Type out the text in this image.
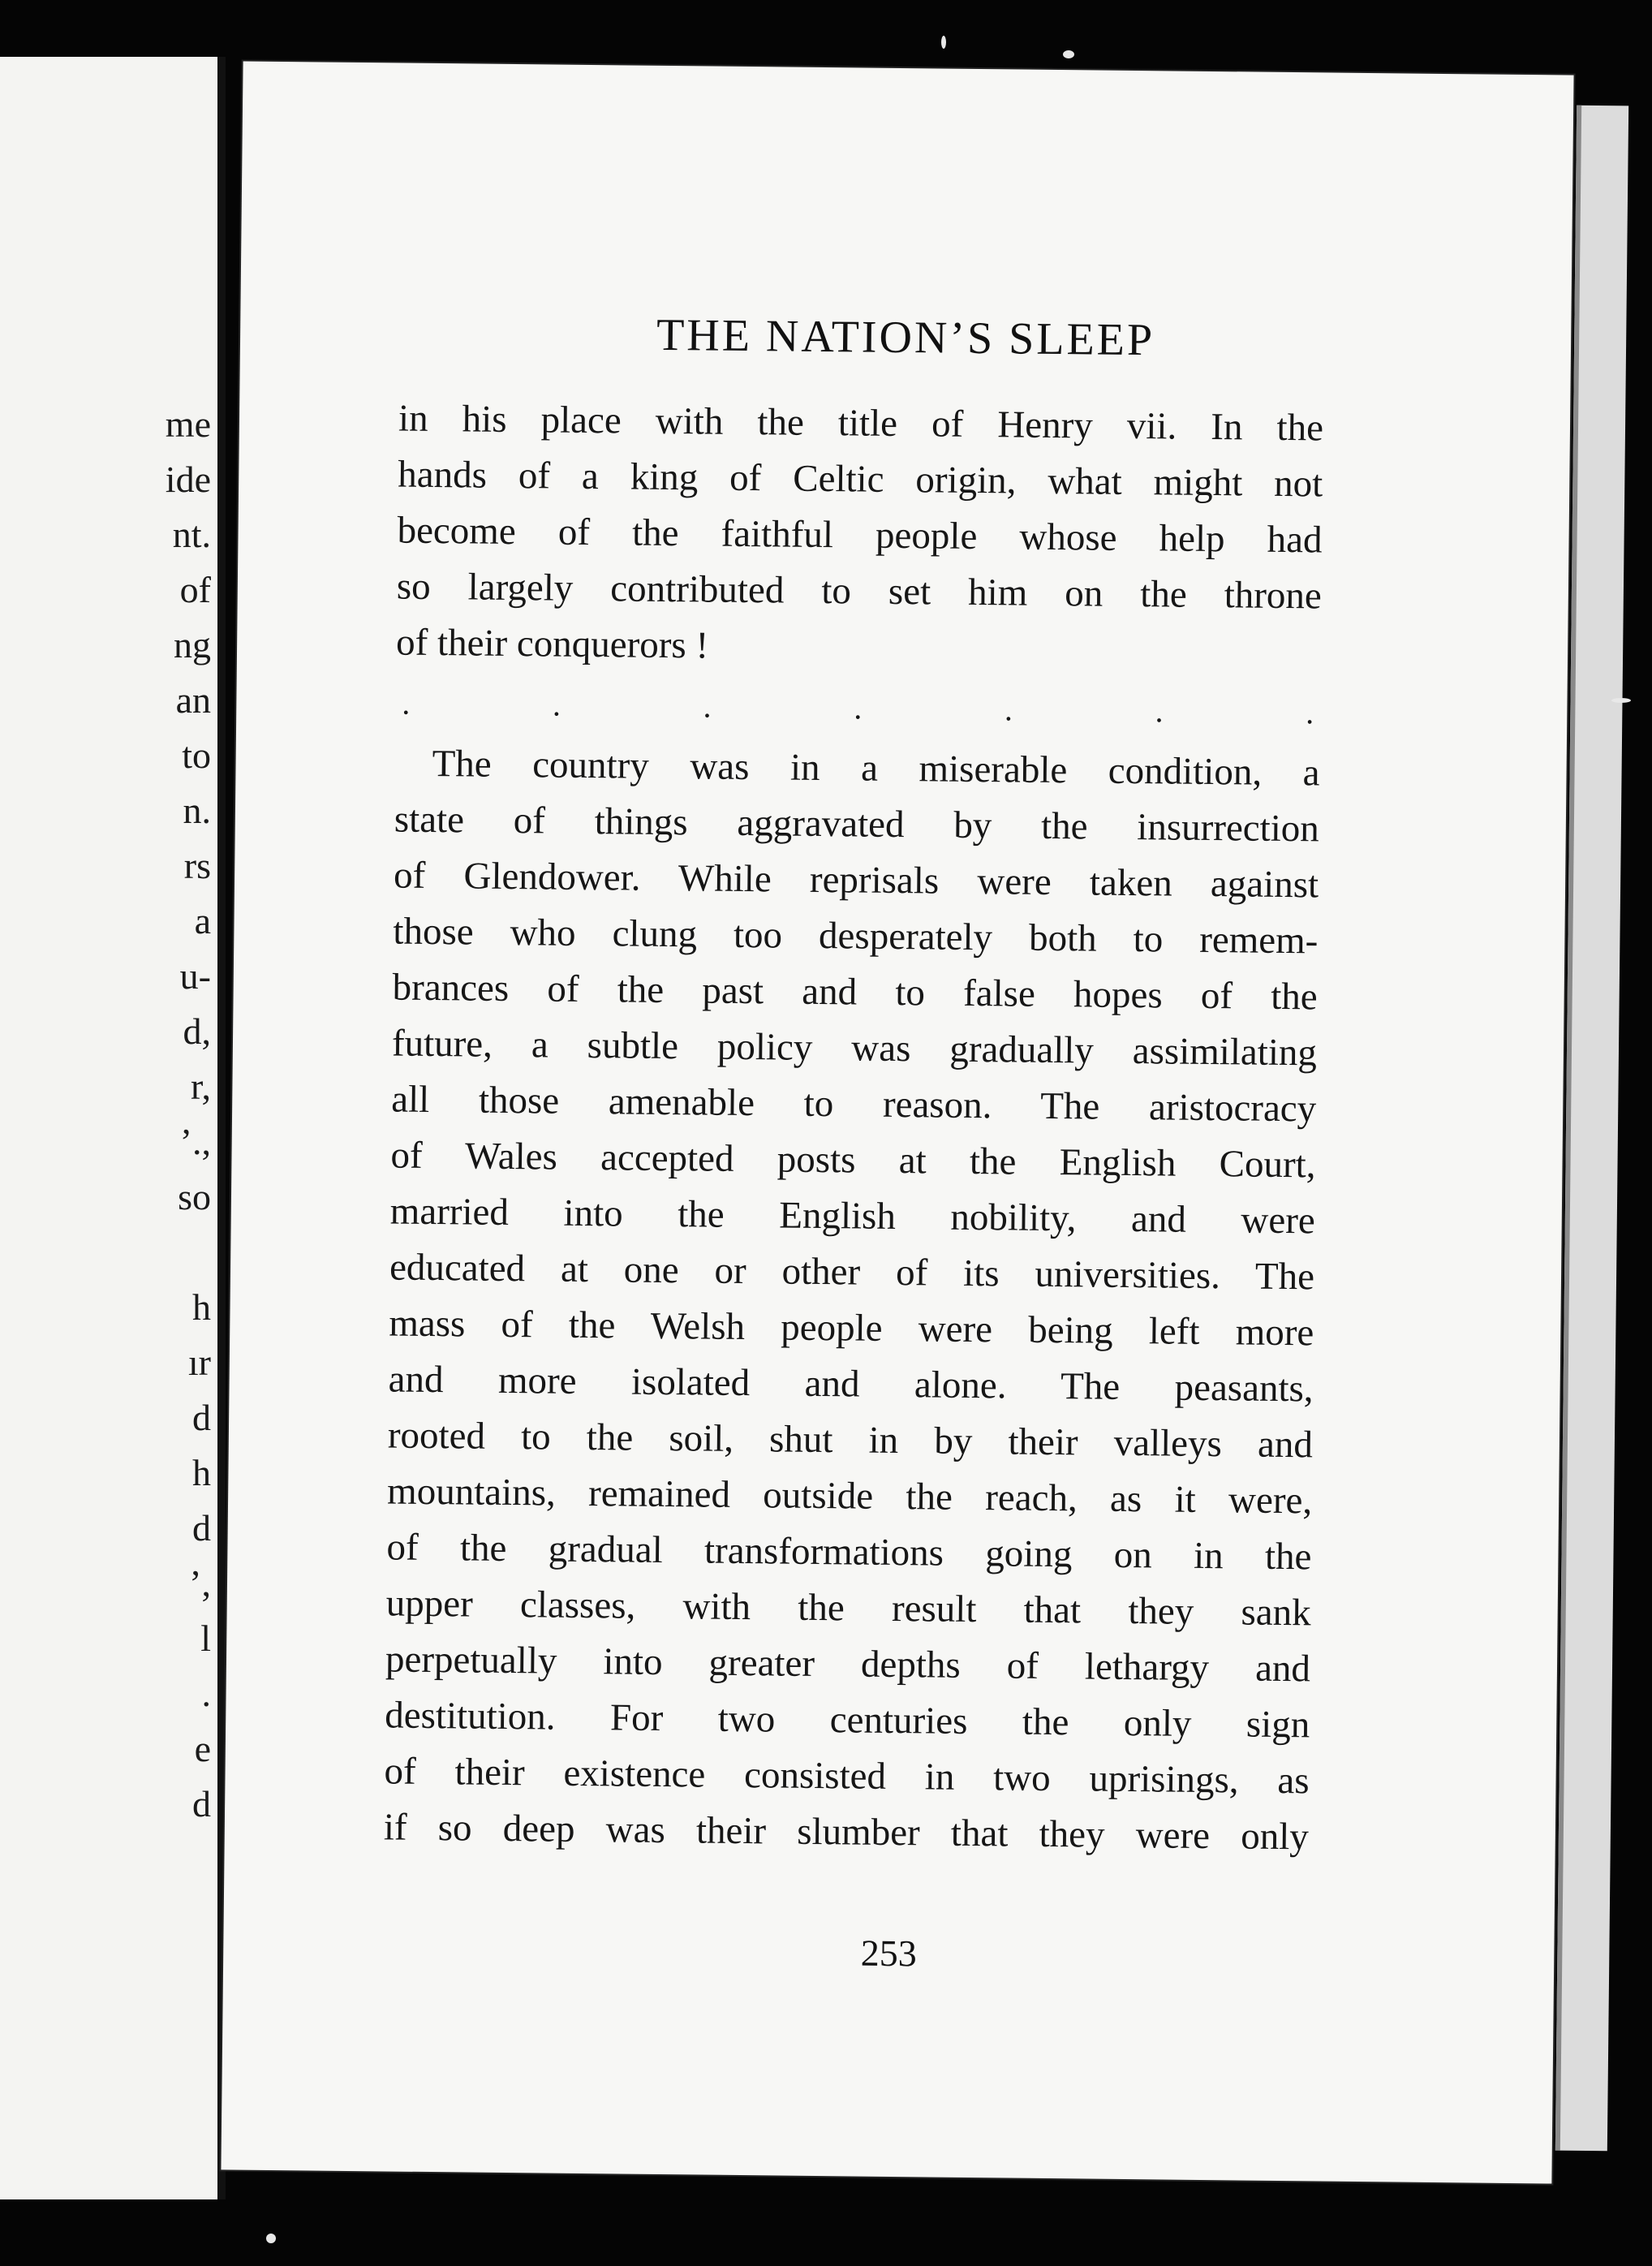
me
ide
nt.
of
ng
an
to
n.
rs
a
u-
d,
r,
’.,
so
h
ır
d
h
d
’,
l
.
e
d
THE NATION’S SLEEP
in his place with the title of Henry vii. In the
hands of a king of Celtic origin, what might not
become of the faithful people whose help had
so largely contributed to set him on the throne
of their conquerors !
. . . . . . .
The country was in a miserable condition, a
state of things aggravated by the insurrection
of Glendower. While reprisals were taken against
those who clung too desperately both to remem-
brances of the past and to false hopes of the
future, a subtle policy was gradually assimilating
all those amenable to reason. The aristocracy
of Wales accepted posts at the English Court,
married into the English nobility, and were
educated at one or other of its universities. The
mass of the Welsh people were being left more
and more isolated and alone. The peasants,
rooted to the soil, shut in by their valleys and
mountains, remained outside the reach, as it were,
of the gradual transformations going on in the
upper classes, with the result that they sank
perpetually into greater depths of lethargy and
destitution. For two centuries the only sign
of their existence consisted in two uprisings, as
if so deep was their slumber that they were only
253
